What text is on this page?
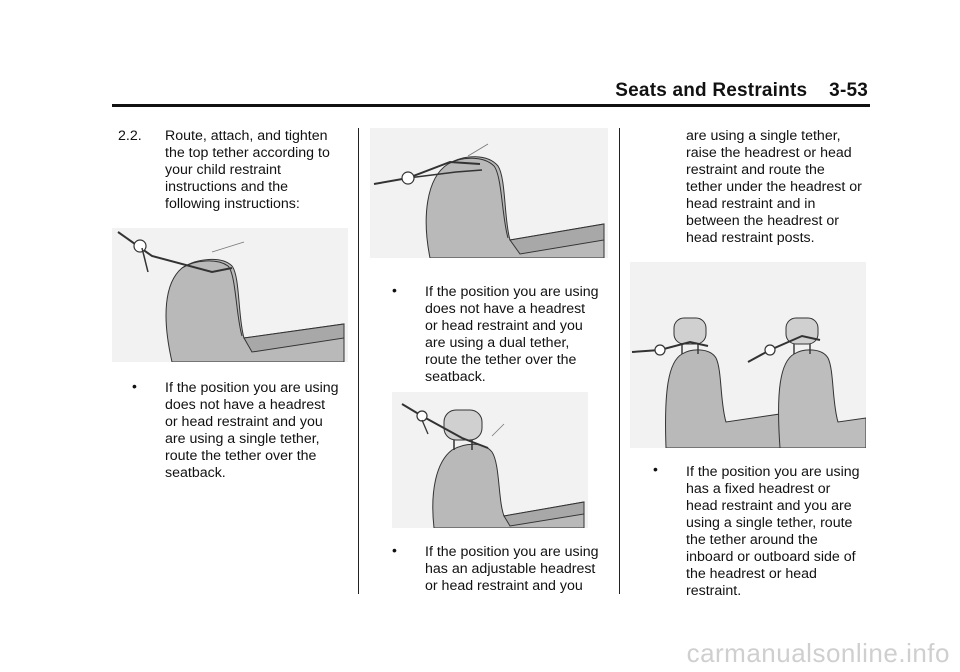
Seats and Restraints    3-53
2.2. Route, attach, and tighten
the top tether according to
your child restraint
instructions and the
following instructions:
• If the position you are using
does not have a headrest
or head restraint and you
are using a single tether,
route the tether over the
seatback.
• If the position you are using
does not have a headrest
or head restraint and you
are using a dual tether,
route the tether over the
seatback.
• If the position you are using
has an adjustable headrest
or head restraint and you
are using a single tether,
raise the headrest or head
restraint and route the
tether under the headrest or
head restraint and in
between the headrest or
head restraint posts.
• If the position you are using
has a fixed headrest or
head restraint and you are
using a single tether, route
the tether around the
inboard or outboard side of
the headrest or head
restraint.
carmanualsonline.info
